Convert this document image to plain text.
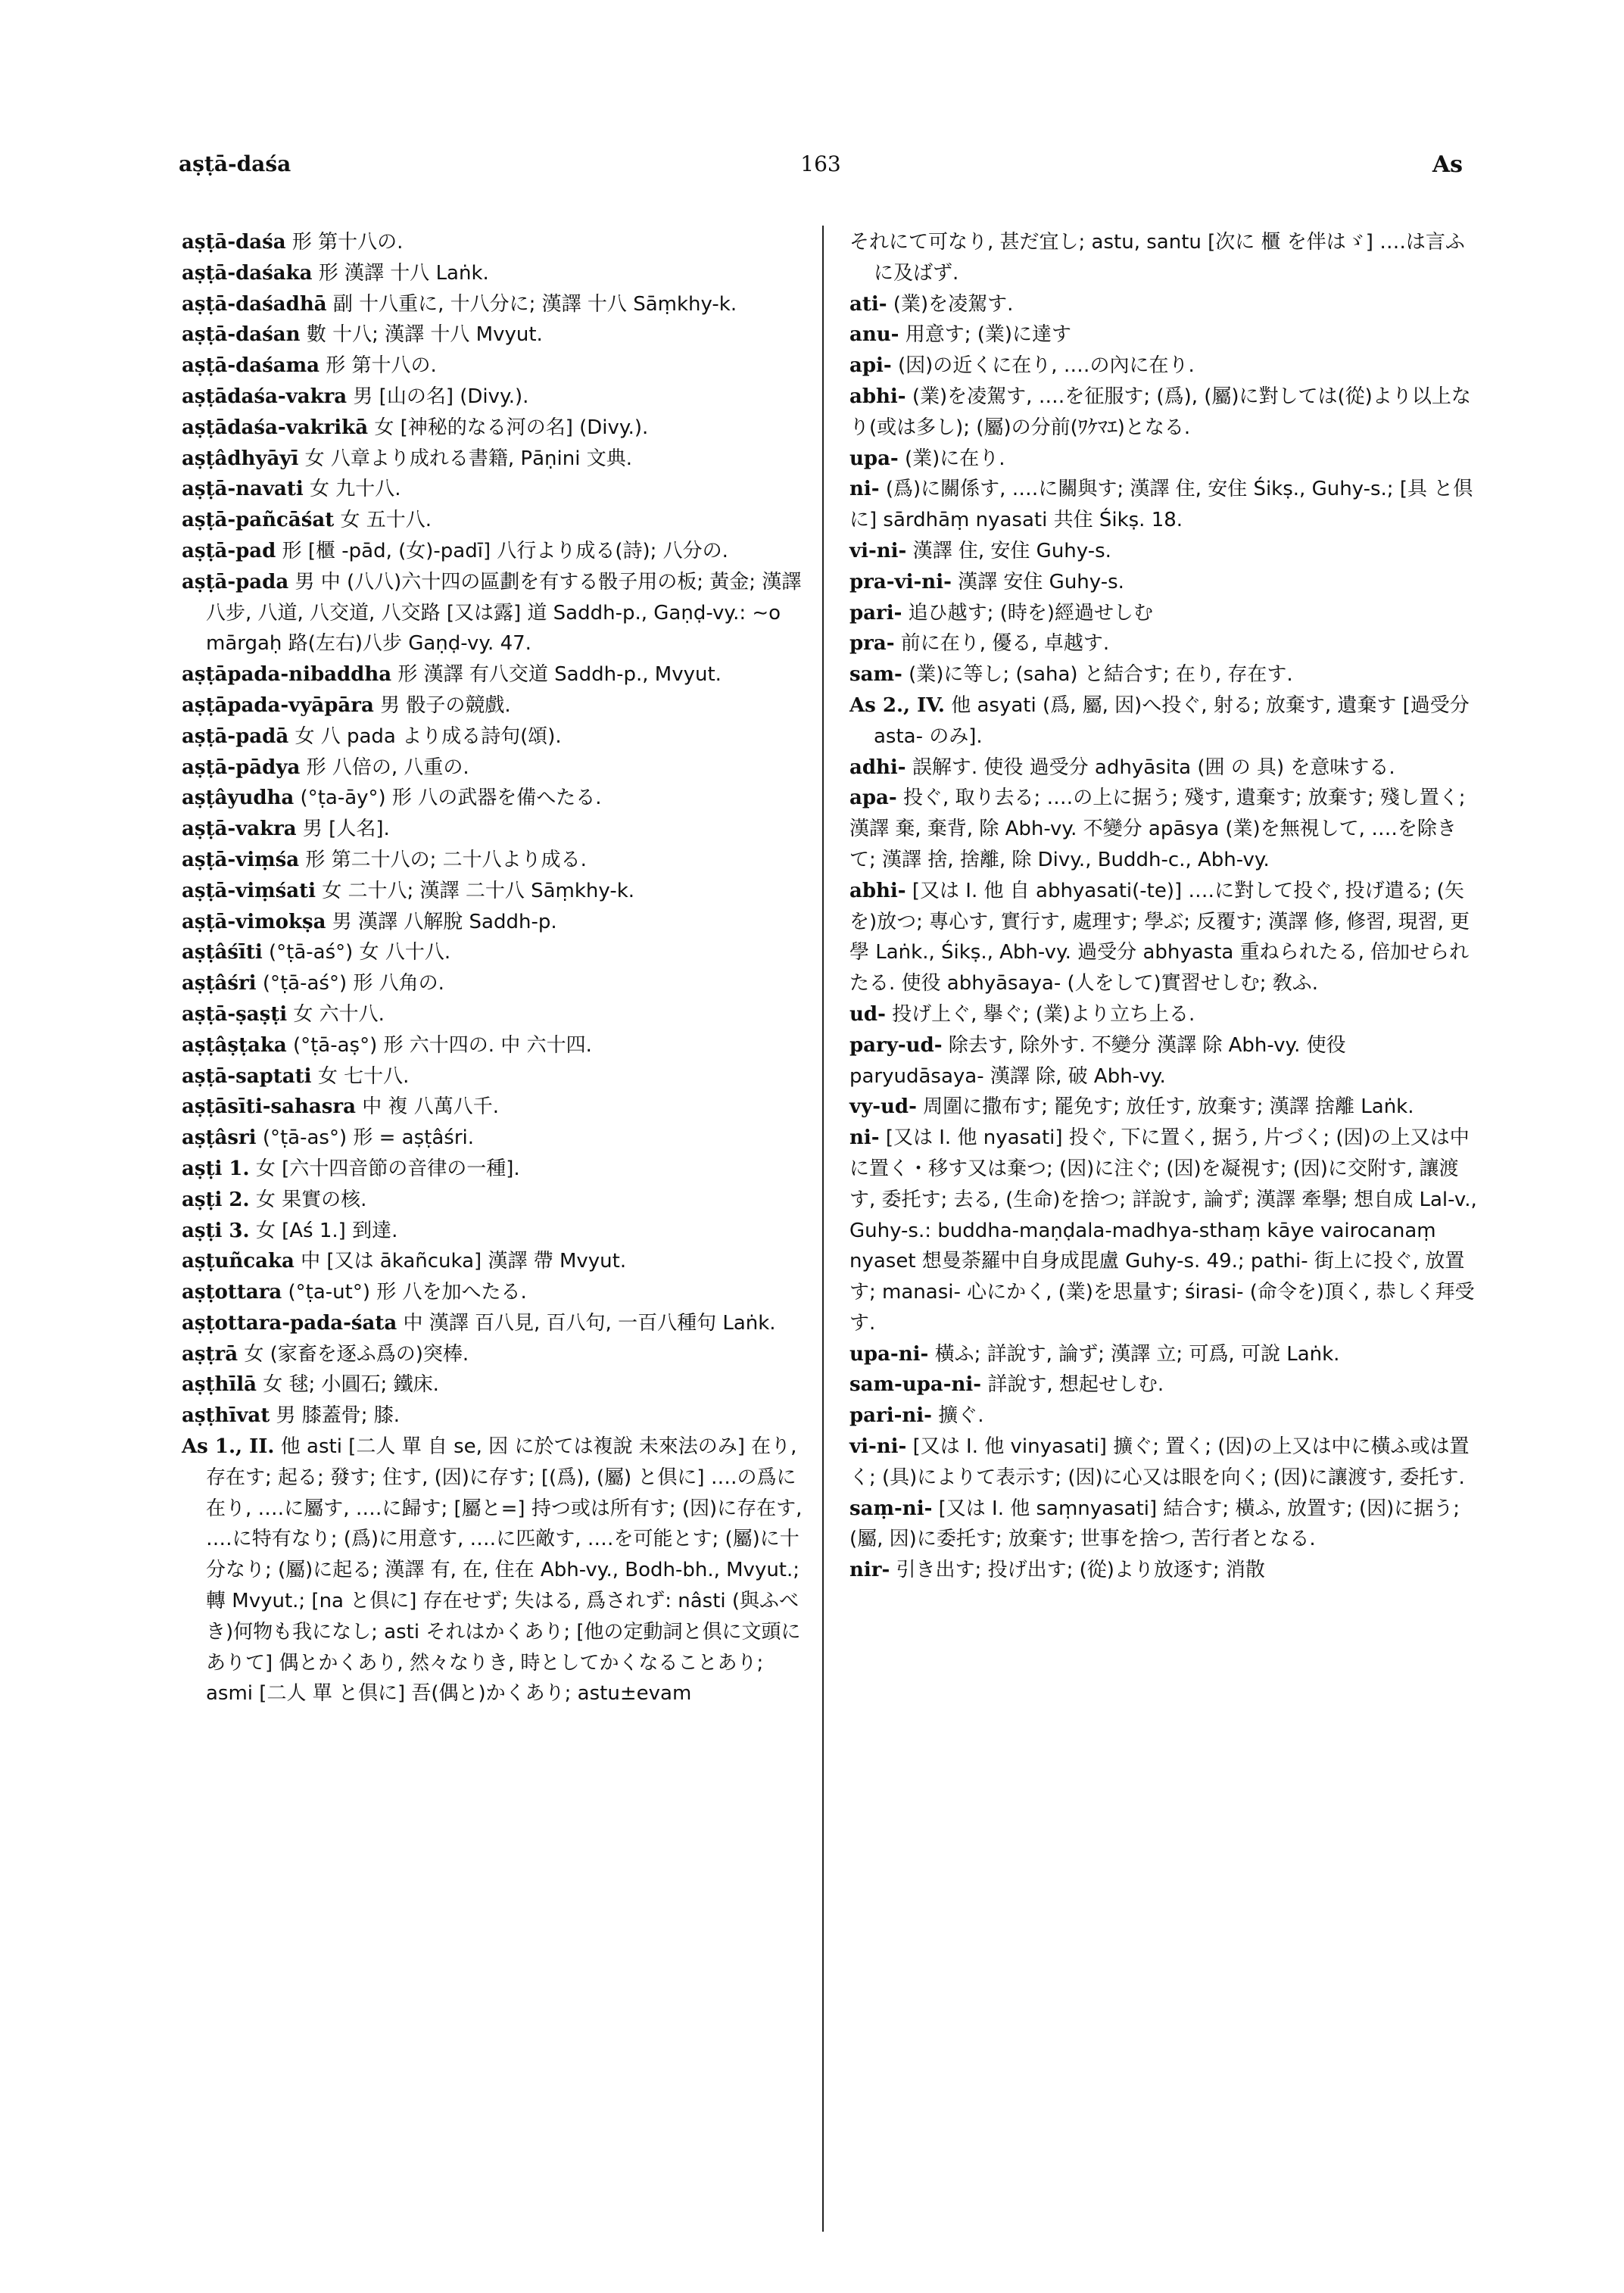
aṣṭā-daśa	163	As

aṣṭā-daśa 形 第十八の.

aṣṭā-daśaka 形 漢譯 十八 Laṅk.

aṣṭā-daśadhā 副 十八重に, 十八分に; 漢譯 十八 Sāṃkhy-k.

aṣṭā-daśan 數 十八; 漢譯 十八 Mvyut.

aṣṭā-daśama 形 第十八の.

aṣṭādaśa-vakra 男 [山の名] (Divy.).

aṣṭādaśa-vakrikā 女 [神秘的なる河の名] (Divy.).

aṣṭâdhyāyī 女 八章より成れる書籍, Pāṇini 文典.

aṣṭā-navati 女 九十八.

aṣṭā-pañcāśat 女 五十八.

aṣṭā-pad 形 [櫃 -pād, (女)-padī] 八行より成る(詩); 八分の.

aṣṭā-pada 男 中 (八八)六十四の區劃を有する骰子用の板; 黃金; 漢譯 八步, 八道, 八交道, 八交路 [又は露] 道 Saddh-p., Gaṇḍ-vy.: ∼o mārgaḥ 路(左右)八步 Gaṇḍ-vy. 47.

aṣṭāpada-nibaddha 形 漢譯 有八交道 Saddh-p., Mvyut.

aṣṭāpada-vyāpāra 男 骰子の競戲.

aṣṭā-padā 女 八 pada より成る詩句(頌).

aṣṭā-pādya 形 八倍の, 八重の.

aṣṭâyudha (°ṭa-āy°) 形 八の武器を備へたる.

aṣṭā-vakra 男 [人名].

aṣṭā-viṃśa 形 第二十八の; 二十八より成る.

aṣṭā-viṃśati 女 二十八; 漢譯 二十八 Sāṃkhy-k.

aṣṭā-vimokṣa 男 漢譯 八解脫 Saddh-p.

aṣṭâśīti (°ṭā-aś°) 女 八十八.

aṣṭâśri (°ṭā-aś°) 形 八角の.

aṣṭā-ṣaṣṭi 女 六十八.

aṣṭâṣṭaka (°ṭā-aṣ°) 形 六十四の. 中 六十四.

aṣṭā-saptati 女 七十八.

aṣṭāsīti-sahasra 中 複 八萬八千.

aṣṭâsri (°ṭā-as°) 形 = aṣṭâśri.

aṣṭi 1. 女 [六十四音節の音律の一種].

aṣṭi 2. 女 果實の核.

aṣṭi 3. 女 [Aś 1.] 到達.

aṣṭuñcaka 中 [又は ākañcuka] 漢譯 帶 Mvyut.

aṣṭottara (°ṭa-ut°) 形 八を加へたる.

aṣṭottara-pada-śata 中 漢譯 百八見, 百八句, 一百八種句 Laṅk.

aṣṭrā 女 (家畜を逐ふ爲の)突棒.

aṣṭhīlā 女 毬; 小圓石; 鐵床.

aṣṭhīvat 男 膝蓋骨; 膝.

As 1., II. 他 asti [二人 單 自 se, 因 に於ては複說 未來法のみ] 在り, 存在す; 起る; 發す; 住す, (因)に存す; [(爲), (屬) と倶に] ‥‥の爲に在り, ‥‥に屬す, ‥‥に歸す; [屬と=] 持つ或は所有す; (因)に存在す, ‥‥に特有なり; (爲)に用意す, ‥‥に匹敵す, ‥‥を可能とす; (屬)に十分なり; (屬)に起る; 漢譯 有, 在, 住在 Abh-vy., Bodh-bh., Mvyut.; 轉 Mvyut.; [na と倶に] 存在せず; 失はる, 爲されず: nâsti (與ふべき)何物も我になし; asti それはかくあり; [他の定動詞と倶に文頭にありて] 偶とかくあり, 然々なりき, 時としてかくなることあり; asmi [二人 單 と倶に] 吾(偶と)かくあり; astu±evam

それにて可なり, 甚だ宜し; astu, santu [次に 櫃 を伴はゞ] ‥‥は言ふに及ばず.

ati- (業)を凌駕す.

anu- 用意す; (業)に達す

api- (因)の近くに在り, ‥‥の內に在り.

abhi- (業)を凌駕す, ‥‥を征服す; (爲), (屬)に對しては(從)より以上なり(或は多し); (屬)の分前(ﾜｹﾏｴ)となる.

upa- (業)に在り.

ni- (爲)に關係す, ‥‥に關與す; 漢譯 住, 安住 Śikṣ., Guhy-s.; [具 と倶に] sārdhāṃ nyasati 共住 Śikṣ. 18.

vi-ni- 漢譯 住, 安住 Guhy-s.

pra-vi-ni- 漢譯 安住 Guhy-s.

pari- 追ひ越す; (時を)經過せしむ

pra- 前に在り, 優る, 卓越す.

sam- (業)に等し; (saha) と結合す; 在り, 存在す.

As 2., IV. 他 asyati (爲, 屬, 因)へ投ぐ, 射る; 放棄す, 遺棄す [過受分 asta- のみ].

adhi- 誤解す. 使役 過受分 adhyāsita (囲 の 具) を意味する.

apa- 投ぐ, 取り去る; ‥‥の上に据う; 殘す, 遺棄す; 放棄す; 殘し置く; 漢譯 棄, 棄背, 除 Abh-vy. 不變分 apāsya (業)を無視して, ‥‥を除きて; 漢譯 捨, 捨離, 除 Divy., Buddh-c., Abh-vy.

abhi- [又は I. 他 自 abhyasati(-te)] ‥‥に對して投ぐ, 投げ遣る; (矢を)放つ; 專心す, 實行す, 處理す; 學ぶ; 反覆す; 漢譯 修, 修習, 現習, 更學 Laṅk., Śikṣ., Abh-vy. 過受分 abhyasta 重ねられたる, 倍加せられたる. 使役 abhyāsaya- (人をして)實習せしむ; 敎ふ.

ud- 投げ上ぐ, 擧ぐ; (業)より立ち上る.

pary-ud- 除去す, 除外す. 不變分 漢譯 除 Abh-vy. 使役 paryudāsaya- 漢譯 除, 破 Abh-vy.

vy-ud- 周圍に撒布す; 罷免す; 放任す, 放棄す; 漢譯 捨離 Laṅk.

ni- [又は I. 他 nyasati] 投ぐ, 下に置く, 据う, 片づく; (因)の上又は中に置く・移す又は棄つ; (因)に注ぐ; (因)を凝視す; (因)に交附す, 讓渡す, 委托す; 去る, (生命)を捨つ; 詳說す, 論ず; 漢譯 牽擧; 想自成 Lal-v., Guhy-s.: buddha-maṇḍala-madhya-sthaṃ kāye vairocanaṃ nyaset 想曼荼羅中自身成毘盧 Guhy-s. 49.; pathi- 街上に投ぐ, 放置す; manasi- 心にかく, (業)を思量す; śirasi- (命令を)頂く, 恭しく拜受す.

upa-ni- 橫ふ; 詳說す, 論ず; 漢譯 立; 可爲, 可說 Laṅk.

sam-upa-ni- 詳說す, 想起せしむ.

pari-ni- 擴ぐ.

vi-ni- [又は I. 他 vinyasati] 擴ぐ; 置く; (因)の上又は中に橫ふ或は置く; (具)によりて表示す; (因)に心又は眼を向く; (因)に讓渡す, 委托す.

saṃ-ni- [又は I. 他 saṃnyasati] 結合す; 橫ふ, 放置す; (因)に据う; (屬, 因)に委托す; 放棄す; 世事を捨つ, 苦行者となる.

nir- 引き出す; 投げ出す; (從)より放逐す; 消散
